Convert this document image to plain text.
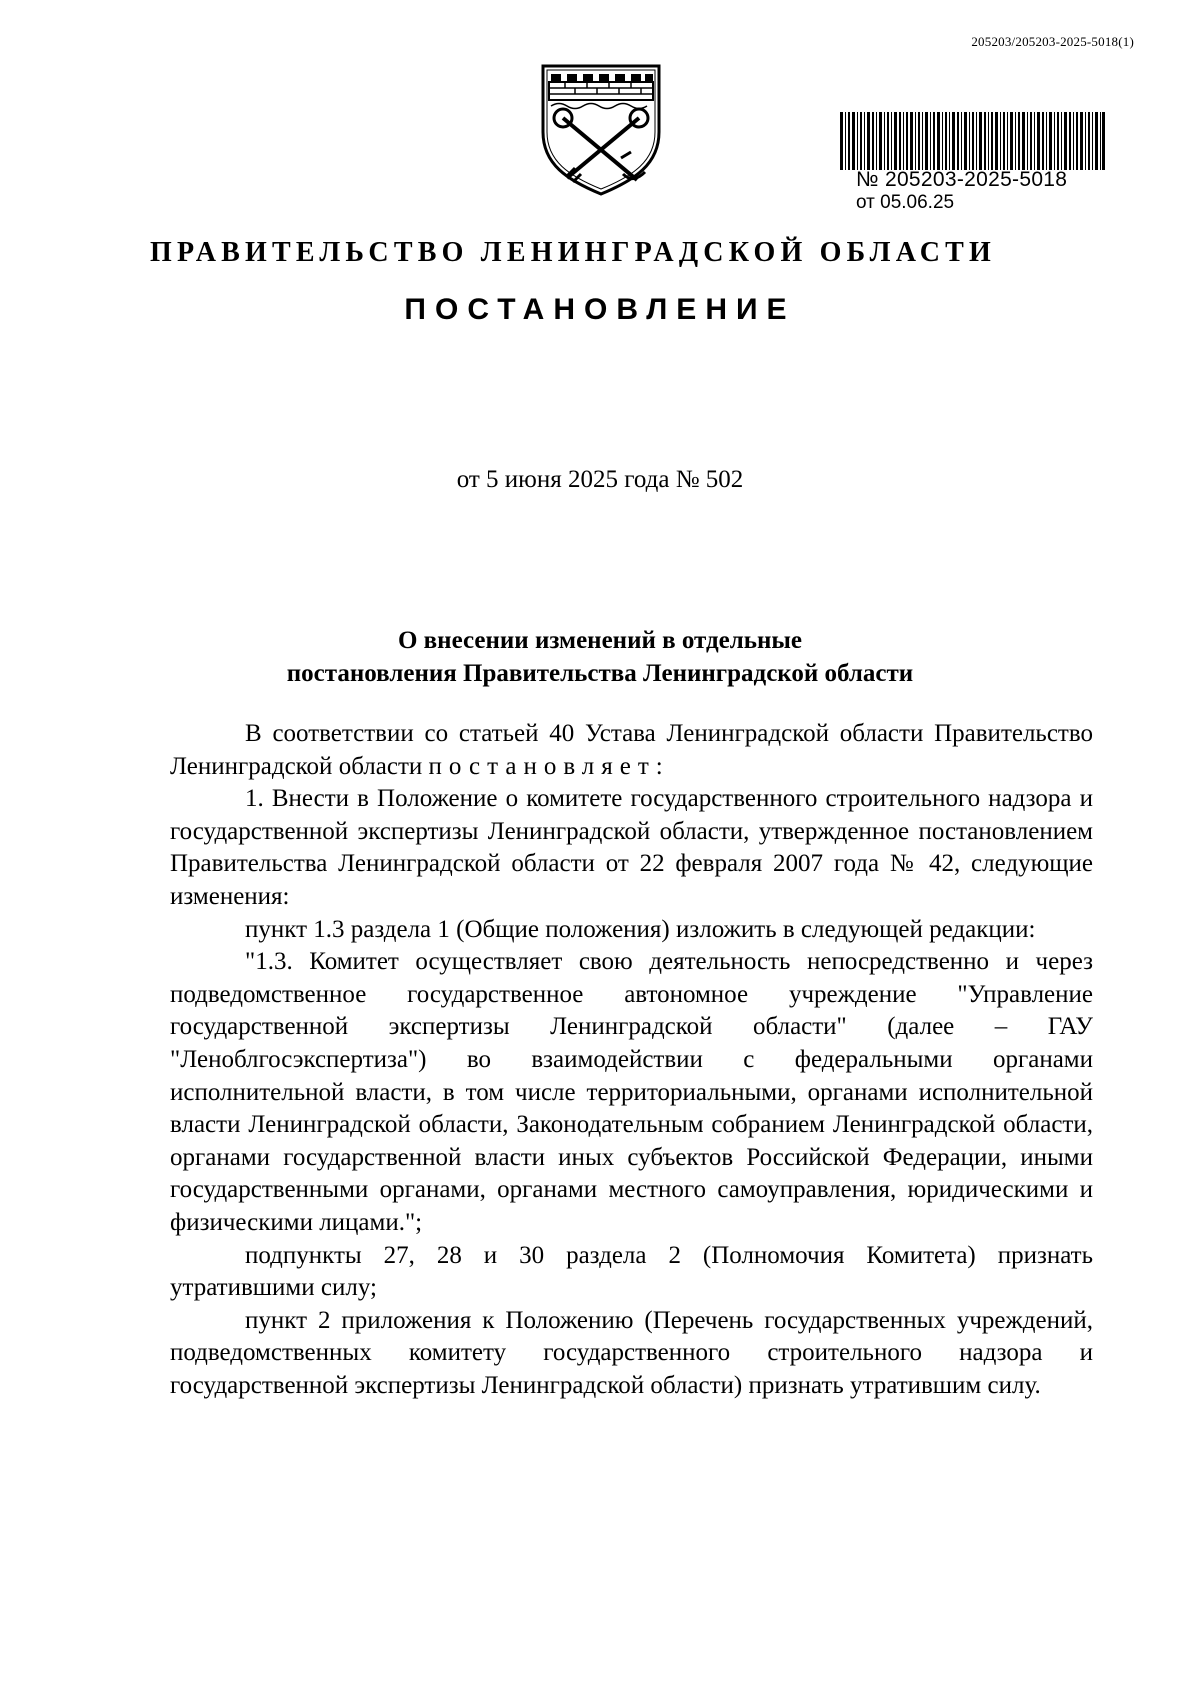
205203/205203-2025-5018(1)
№ 205203-2025-5018
от 05.06.25
ПРАВИТЕЛЬСТВО ЛЕНИНГРАДСКОЙ ОБЛАСТИ
ПОСТАНОВЛЕНИЕ
от 5 июня 2025 года № 502
О внесении изменений в отдельные
постановления Правительства Ленинградской области

В соответствии со статьей 40 Устава Ленинградской области Правительство Ленинградской области постановляет:

1. Внести в Положение о комитете государственного строительного надзора и государственной экспертизы Ленинградской области, утвержденное постановлением Правительства Ленинградской области от 22 февраля 2007 года № 42, следующие изменения:

пункт 1.3 раздела 1 (Общие положения) изложить в следующей редакции:

"1.3. Комитет осуществляет свою деятельность непосредственно и через подведомственное государственное автономное учреждение "Управление государственной экспертизы Ленинградской области" (далее – ГАУ "Леноблгосэкспертиза") во взаимодействии с федеральными органами исполнительной власти, в том числе территориальными, органами исполнительной власти Ленинградской области, Законодательным собранием Ленинградской области, органами государственной власти иных субъектов Российской Федерации, иными государственными органами, органами местного самоуправления, юридическими и физическими лицами.";

подпункты 27, 28 и 30 раздела 2 (Полномочия Комитета) признать утратившими силу;

пункт 2 приложения к Положению (Перечень государственных учреждений, подведомственных комитету государственного строительного надзора и государственной экспертизы Ленинградской области) признать утратившим силу.
